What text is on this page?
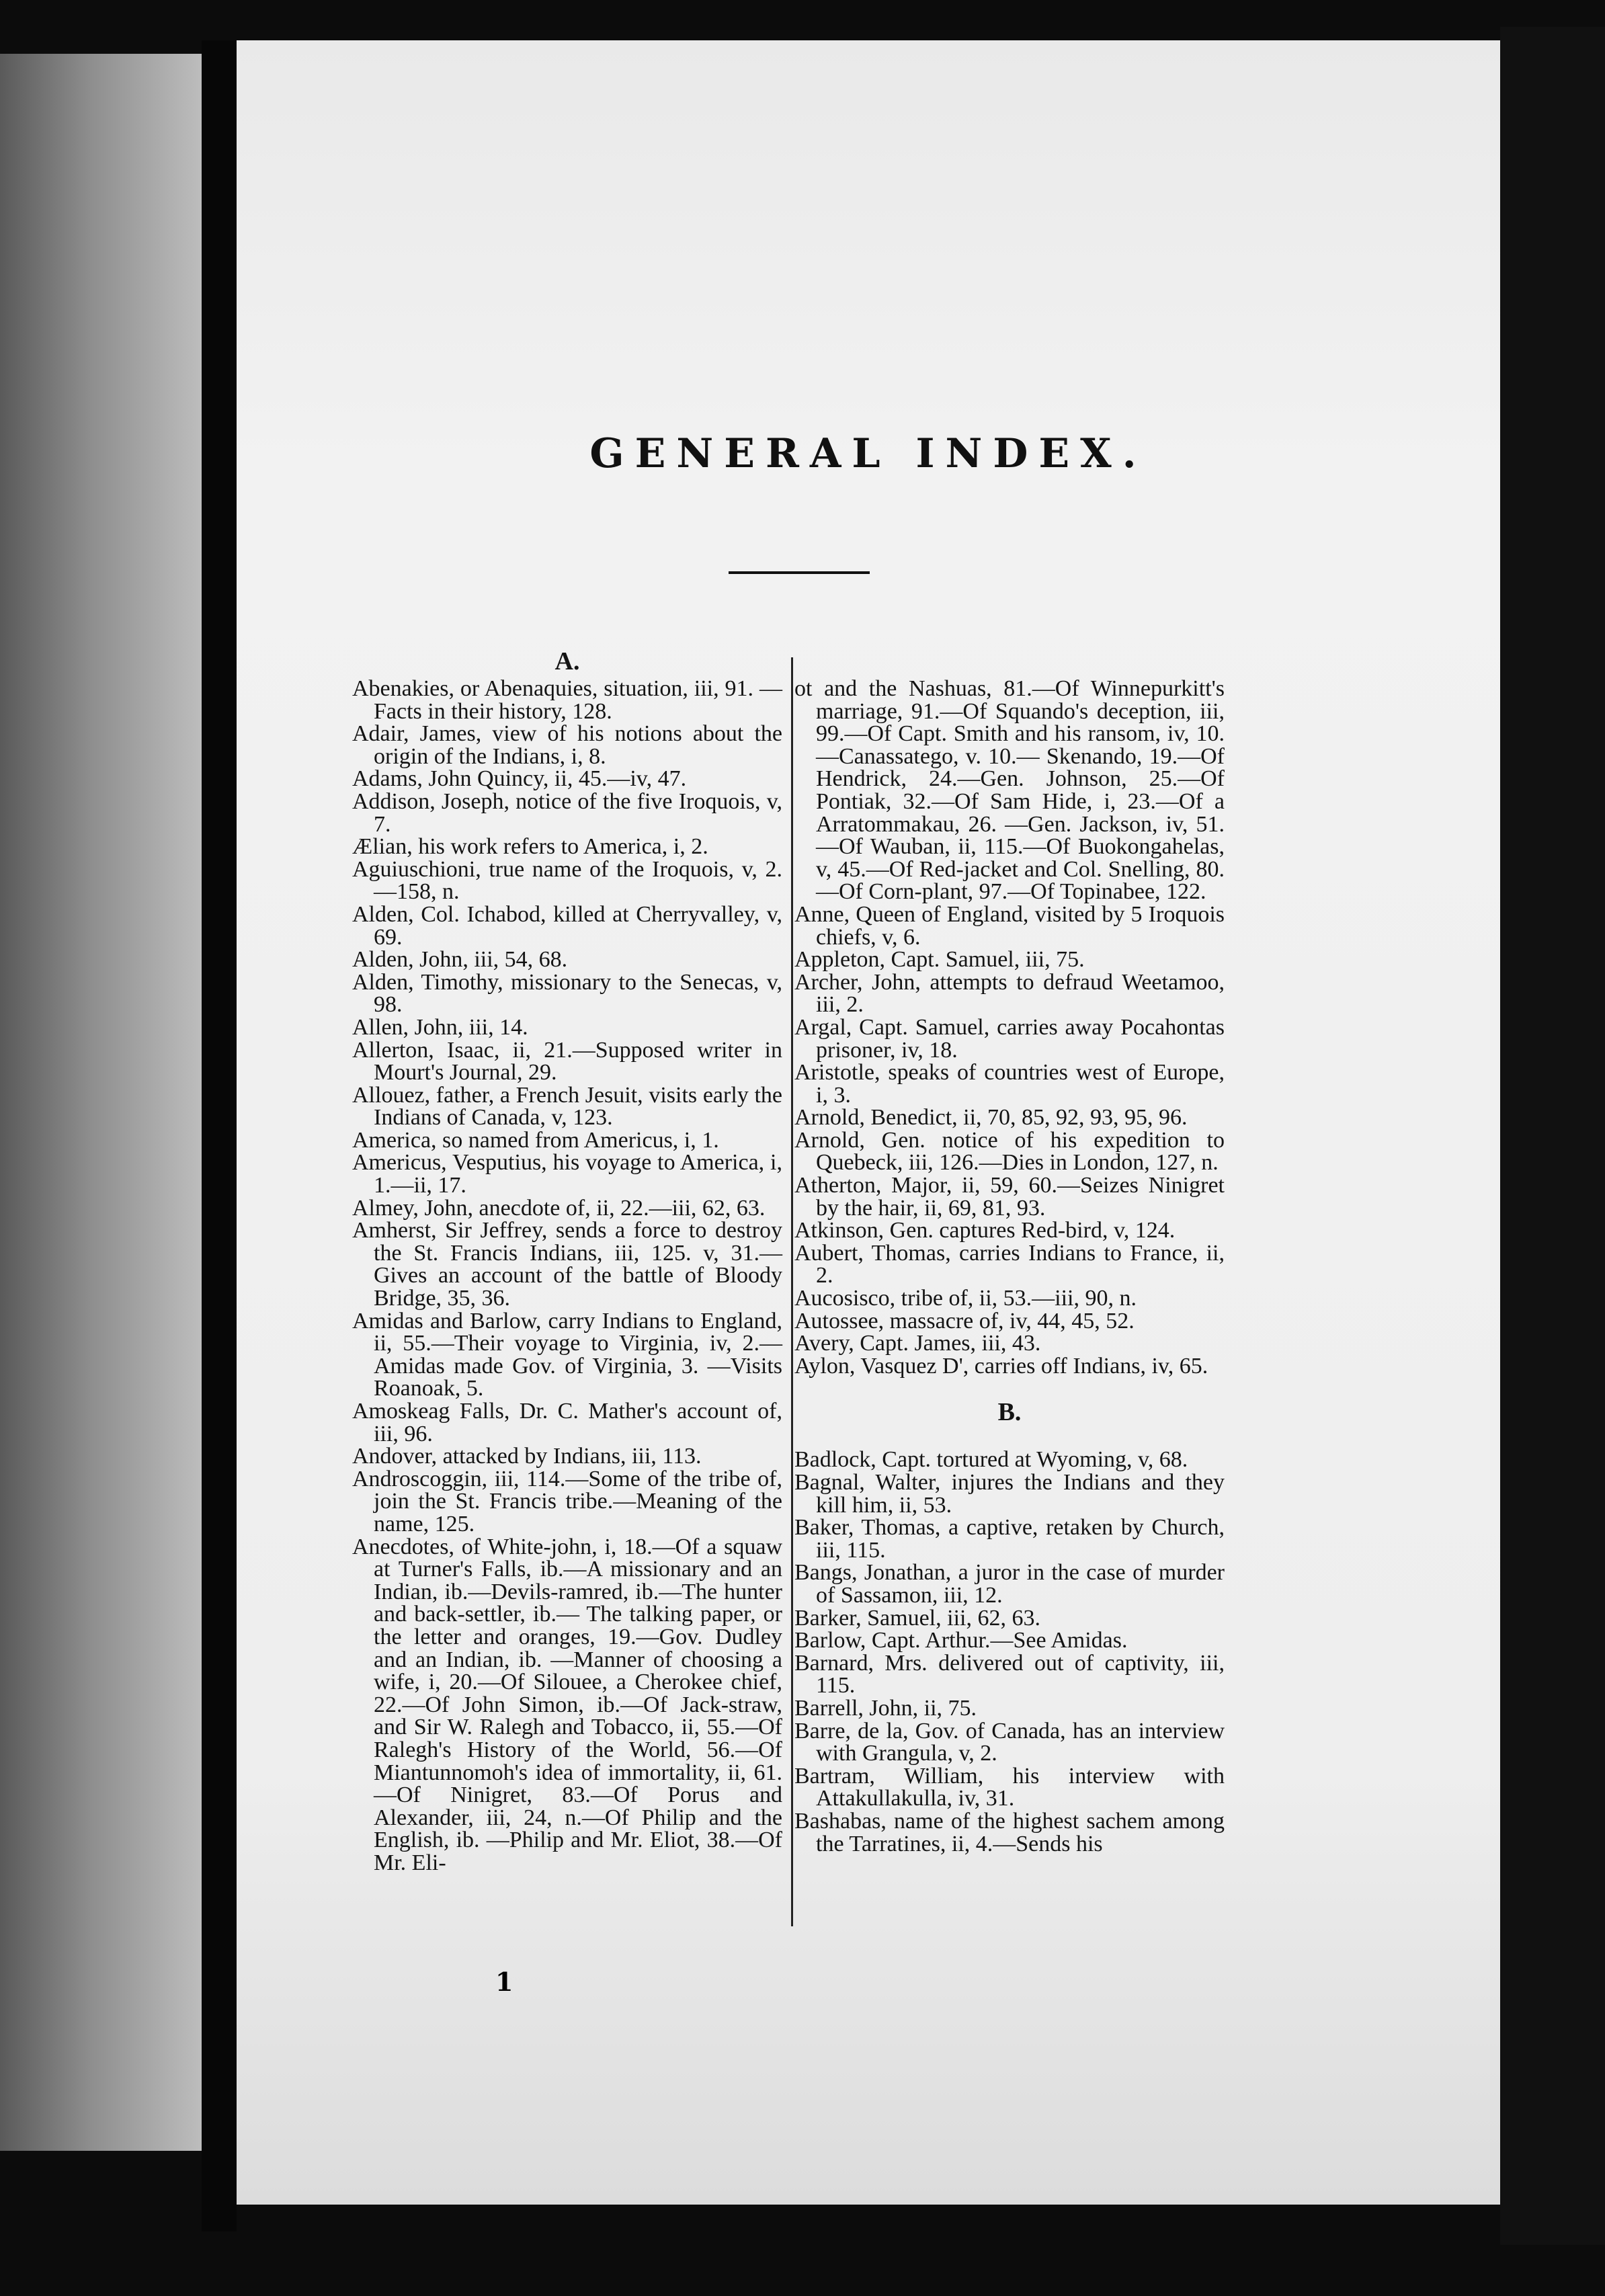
GENERAL INDEX.
A.

Abenakies, or Abenaquies, situation, iii, 91. —Facts in their history, 128.

Adair, James, view of his notions about the origin of the Indians, i, 8.

Adams, John Quincy, ii, 45.—iv, 47.

Addison, Joseph, notice of the five Iroquois, v, 7.

Ælian, his work refers to America, i, 2.

Aguiuschioni, true name of the Iroquois, v, 2.—158, n.

Alden, Col. Ichabod, killed at Cherryvalley, v, 69.

Alden, John, iii, 54, 68.

Alden, Timothy, missionary to the Senecas, v, 98.

Allen, John, iii, 14.

Allerton, Isaac, ii, 21.—Supposed writer in Mourt's Journal, 29.

Allouez, father, a French Jesuit, visits early the Indians of Canada, v, 123.

America, so named from Americus, i, 1.

Americus, Vesputius, his voyage to America, i, 1.—ii, 17.

Almey, John, anecdote of, ii, 22.—iii, 62, 63.

Amherst, Sir Jeffrey, sends a force to destroy the St. Francis Indians, iii, 125. v, 31.—Gives an account of the battle of Bloody Bridge, 35, 36.

Amidas and Barlow, carry Indians to England, ii, 55.—Their voyage to Virginia, iv, 2.—Amidas made Gov. of Virginia, 3. —Visits Roanoak, 5.

Amoskeag Falls, Dr. C. Mather's account of, iii, 96.

Andover, attacked by Indians, iii, 113.

Androscoggin, iii, 114.—Some of the tribe of, join the St. Francis tribe.—Meaning of the name, 125.

Anecdotes, of White-john, i, 18.—Of a squaw at Turner's Falls, ib.—A missionary and an Indian, ib.—Devils-ramred, ib.—The hunter and back-settler, ib.— The talking paper, or the letter and oranges, 19.—Gov. Dudley and an Indian, ib. —Manner of choosing a wife, i, 20.—Of Silouee, a Cherokee chief, 22.—Of John Simon, ib.—Of Jack-straw, and Sir W. Ralegh and Tobacco, ii, 55.—Of Ralegh's History of the World, 56.—Of Miantunnomoh's idea of immortality, ii, 61.—Of Ninigret, 83.—Of Porus and Alexander, iii, 24, n.—Of Philip and the English, ib. —Philip and Mr. Eliot, 38.—Of Mr. Eli-

ot and the Nashuas, 81.—Of Winnepurkitt's marriage, 91.—Of Squando's deception, iii, 99.—Of Capt. Smith and his ransom, iv, 10.—Canassatego, v. 10.— Skenando, 19.—Of Hendrick, 24.—Gen. Johnson, 25.—Of Pontiak, 32.—Of Sam Hide, i, 23.—Of a Arratommakau, 26. —Gen. Jackson, iv, 51.—Of Wauban, ii, 115.—Of Buokongahelas, v, 45.—Of Red-jacket and Col. Snelling, 80.—Of Corn-plant, 97.—Of Topinabee, 122.

Anne, Queen of England, visited by 5 Iroquois chiefs, v, 6.

Appleton, Capt. Samuel, iii, 75.

Archer, John, attempts to defraud Weetamoo, iii, 2.

Argal, Capt. Samuel, carries away Pocahontas prisoner, iv, 18.

Aristotle, speaks of countries west of Europe, i, 3.

Arnold, Benedict, ii, 70, 85, 92, 93, 95, 96.

Arnold, Gen. notice of his expedition to Quebeck, iii, 126.—Dies in London, 127, n.

Atherton, Major, ii, 59, 60.—Seizes Ninigret by the hair, ii, 69, 81, 93.

Atkinson, Gen. captures Red-bird, v, 124.

Aubert, Thomas, carries Indians to France, ii, 2.

Aucosisco, tribe of, ii, 53.—iii, 90, n.

Autossee, massacre of, iv, 44, 45, 52.

Avery, Capt. James, iii, 43.

Aylon, Vasquez D', carries off Indians, iv, 65.

B.

Badlock, Capt. tortured at Wyoming, v, 68.

Bagnal, Walter, injures the Indians and they kill him, ii, 53.

Baker, Thomas, a captive, retaken by Church, iii, 115.

Bangs, Jonathan, a juror in the case of murder of Sassamon, iii, 12.

Barker, Samuel, iii, 62, 63.

Barlow, Capt. Arthur.—See Amidas.

Barnard, Mrs. delivered out of captivity, iii, 115.

Barrell, John, ii, 75.

Barre, de la, Gov. of Canada, has an interview with Grangula, v, 2.

Bartram, William, his interview with Attakullakulla, iv, 31.

Bashabas, name of the highest sachem among the Tarratines, ii, 4.—Sends his

1
